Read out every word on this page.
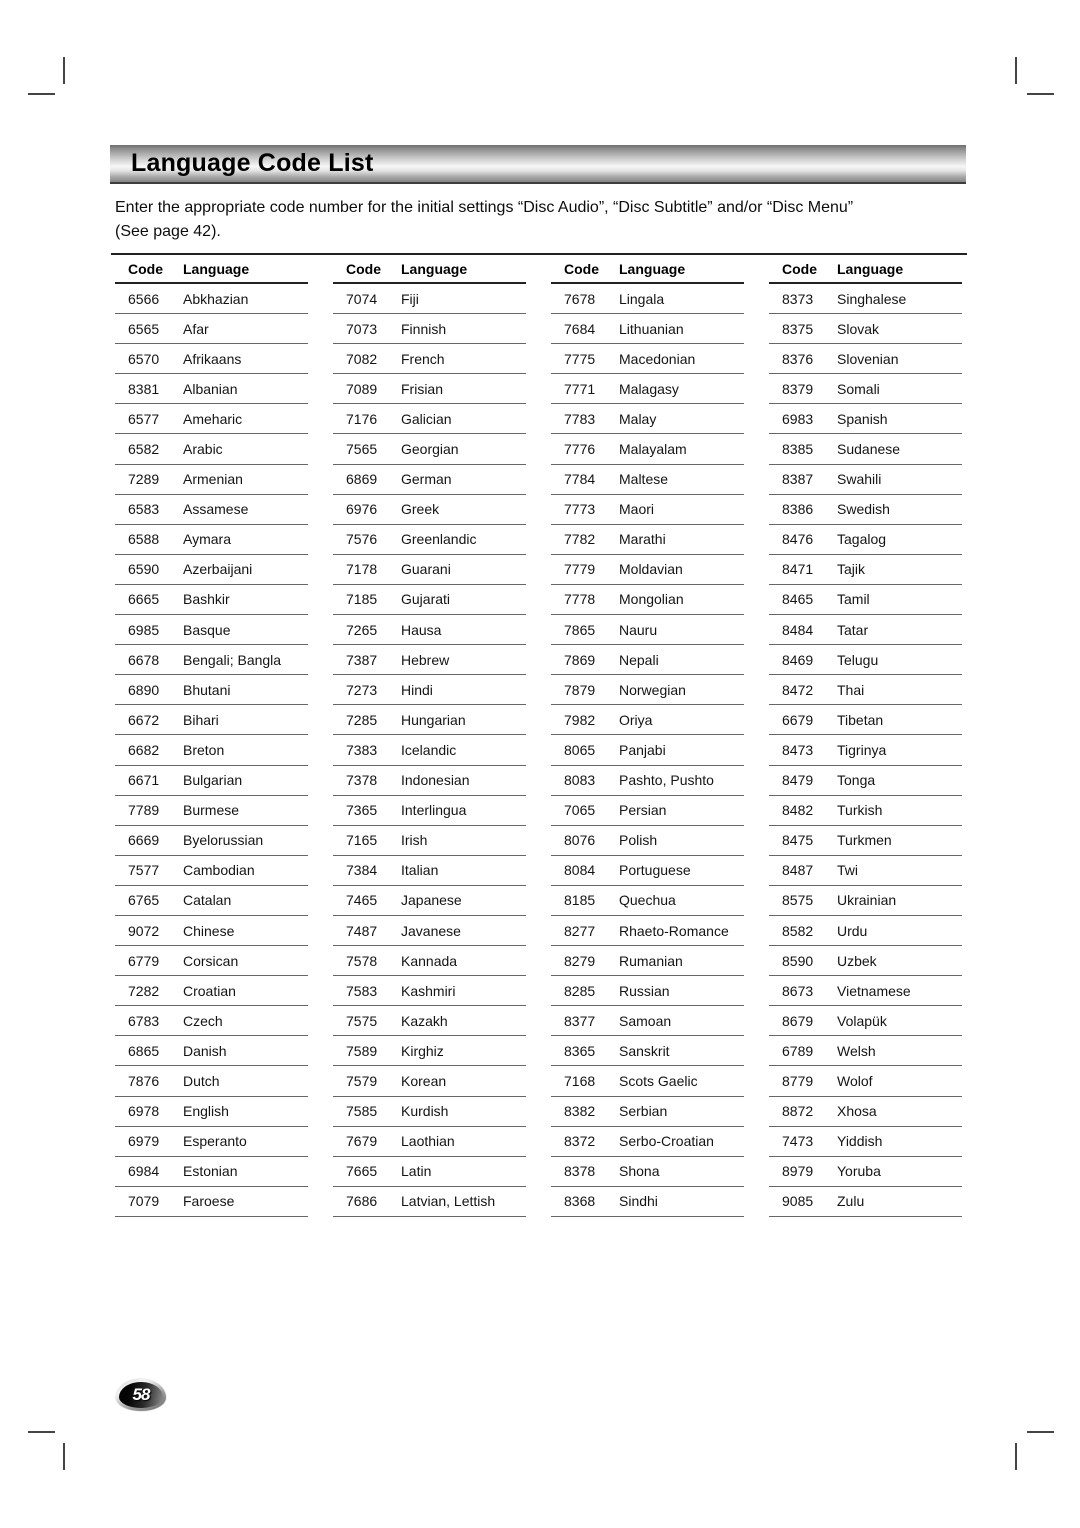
Language Code List
Enter the appropriate code number for the initial settings “Disc Audio”, “Disc Subtitle” and/or “Disc Menu”
(See page 42).
Code	Language
6566	Abkhazian
6565	Afar
6570	Afrikaans
8381	Albanian
6577	Ameharic
6582	Arabic
7289	Armenian
6583	Assamese
6588	Aymara
6590	Azerbaijani
6665	Bashkir
6985	Basque
6678	Bengali; Bangla
6890	Bhutani
6672	Bihari
6682	Breton
6671	Bulgarian
7789	Burmese
6669	Byelorussian
7577	Cambodian
6765	Catalan
9072	Chinese
6779	Corsican
7282	Croatian
6783	Czech
6865	Danish
7876	Dutch
6978	English
6979	Esperanto
6984	Estonian
7079	Faroese
Code	Language
7074	Fiji
7073	Finnish
7082	French
7089	Frisian
7176	Galician
7565	Georgian
6869	German
6976	Greek
7576	Greenlandic
7178	Guarani
7185	Gujarati
7265	Hausa
7387	Hebrew
7273	Hindi
7285	Hungarian
7383	Icelandic
7378	Indonesian
7365	Interlingua
7165	Irish
7384	Italian
7465	Japanese
7487	Javanese
7578	Kannada
7583	Kashmiri
7575	Kazakh
7589	Kirghiz
7579	Korean
7585	Kurdish
7679	Laothian
7665	Latin
7686	Latvian, Lettish
Code	Language
7678	Lingala
7684	Lithuanian
7775	Macedonian
7771	Malagasy
7783	Malay
7776	Malayalam
7784	Maltese
7773	Maori
7782	Marathi
7779	Moldavian
7778	Mongolian
7865	Nauru
7869	Nepali
7879	Norwegian
7982	Oriya
8065	Panjabi
8083	Pashto, Pushto
7065	Persian
8076	Polish
8084	Portuguese
8185	Quechua
8277	Rhaeto-Romance
8279	Rumanian
8285	Russian
8377	Samoan
8365	Sanskrit
7168	Scots Gaelic
8382	Serbian
8372	Serbo-Croatian
8378	Shona
8368	Sindhi
Code	Language
8373	Singhalese
8375	Slovak
8376	Slovenian
8379	Somali
6983	Spanish
8385	Sudanese
8387	Swahili
8386	Swedish
8476	Tagalog
8471	Tajik
8465	Tamil
8484	Tatar
8469	Telugu
8472	Thai
6679	Tibetan
8473	Tigrinya
8479	Tonga
8482	Turkish
8475	Turkmen
8487	Twi
8575	Ukrainian
8582	Urdu
8590	Uzbek
8673	Vietnamese
8679	Volapük
6789	Welsh
8779	Wolof
8872	Xhosa
7473	Yiddish
8979	Yoruba
9085	Zulu
58
